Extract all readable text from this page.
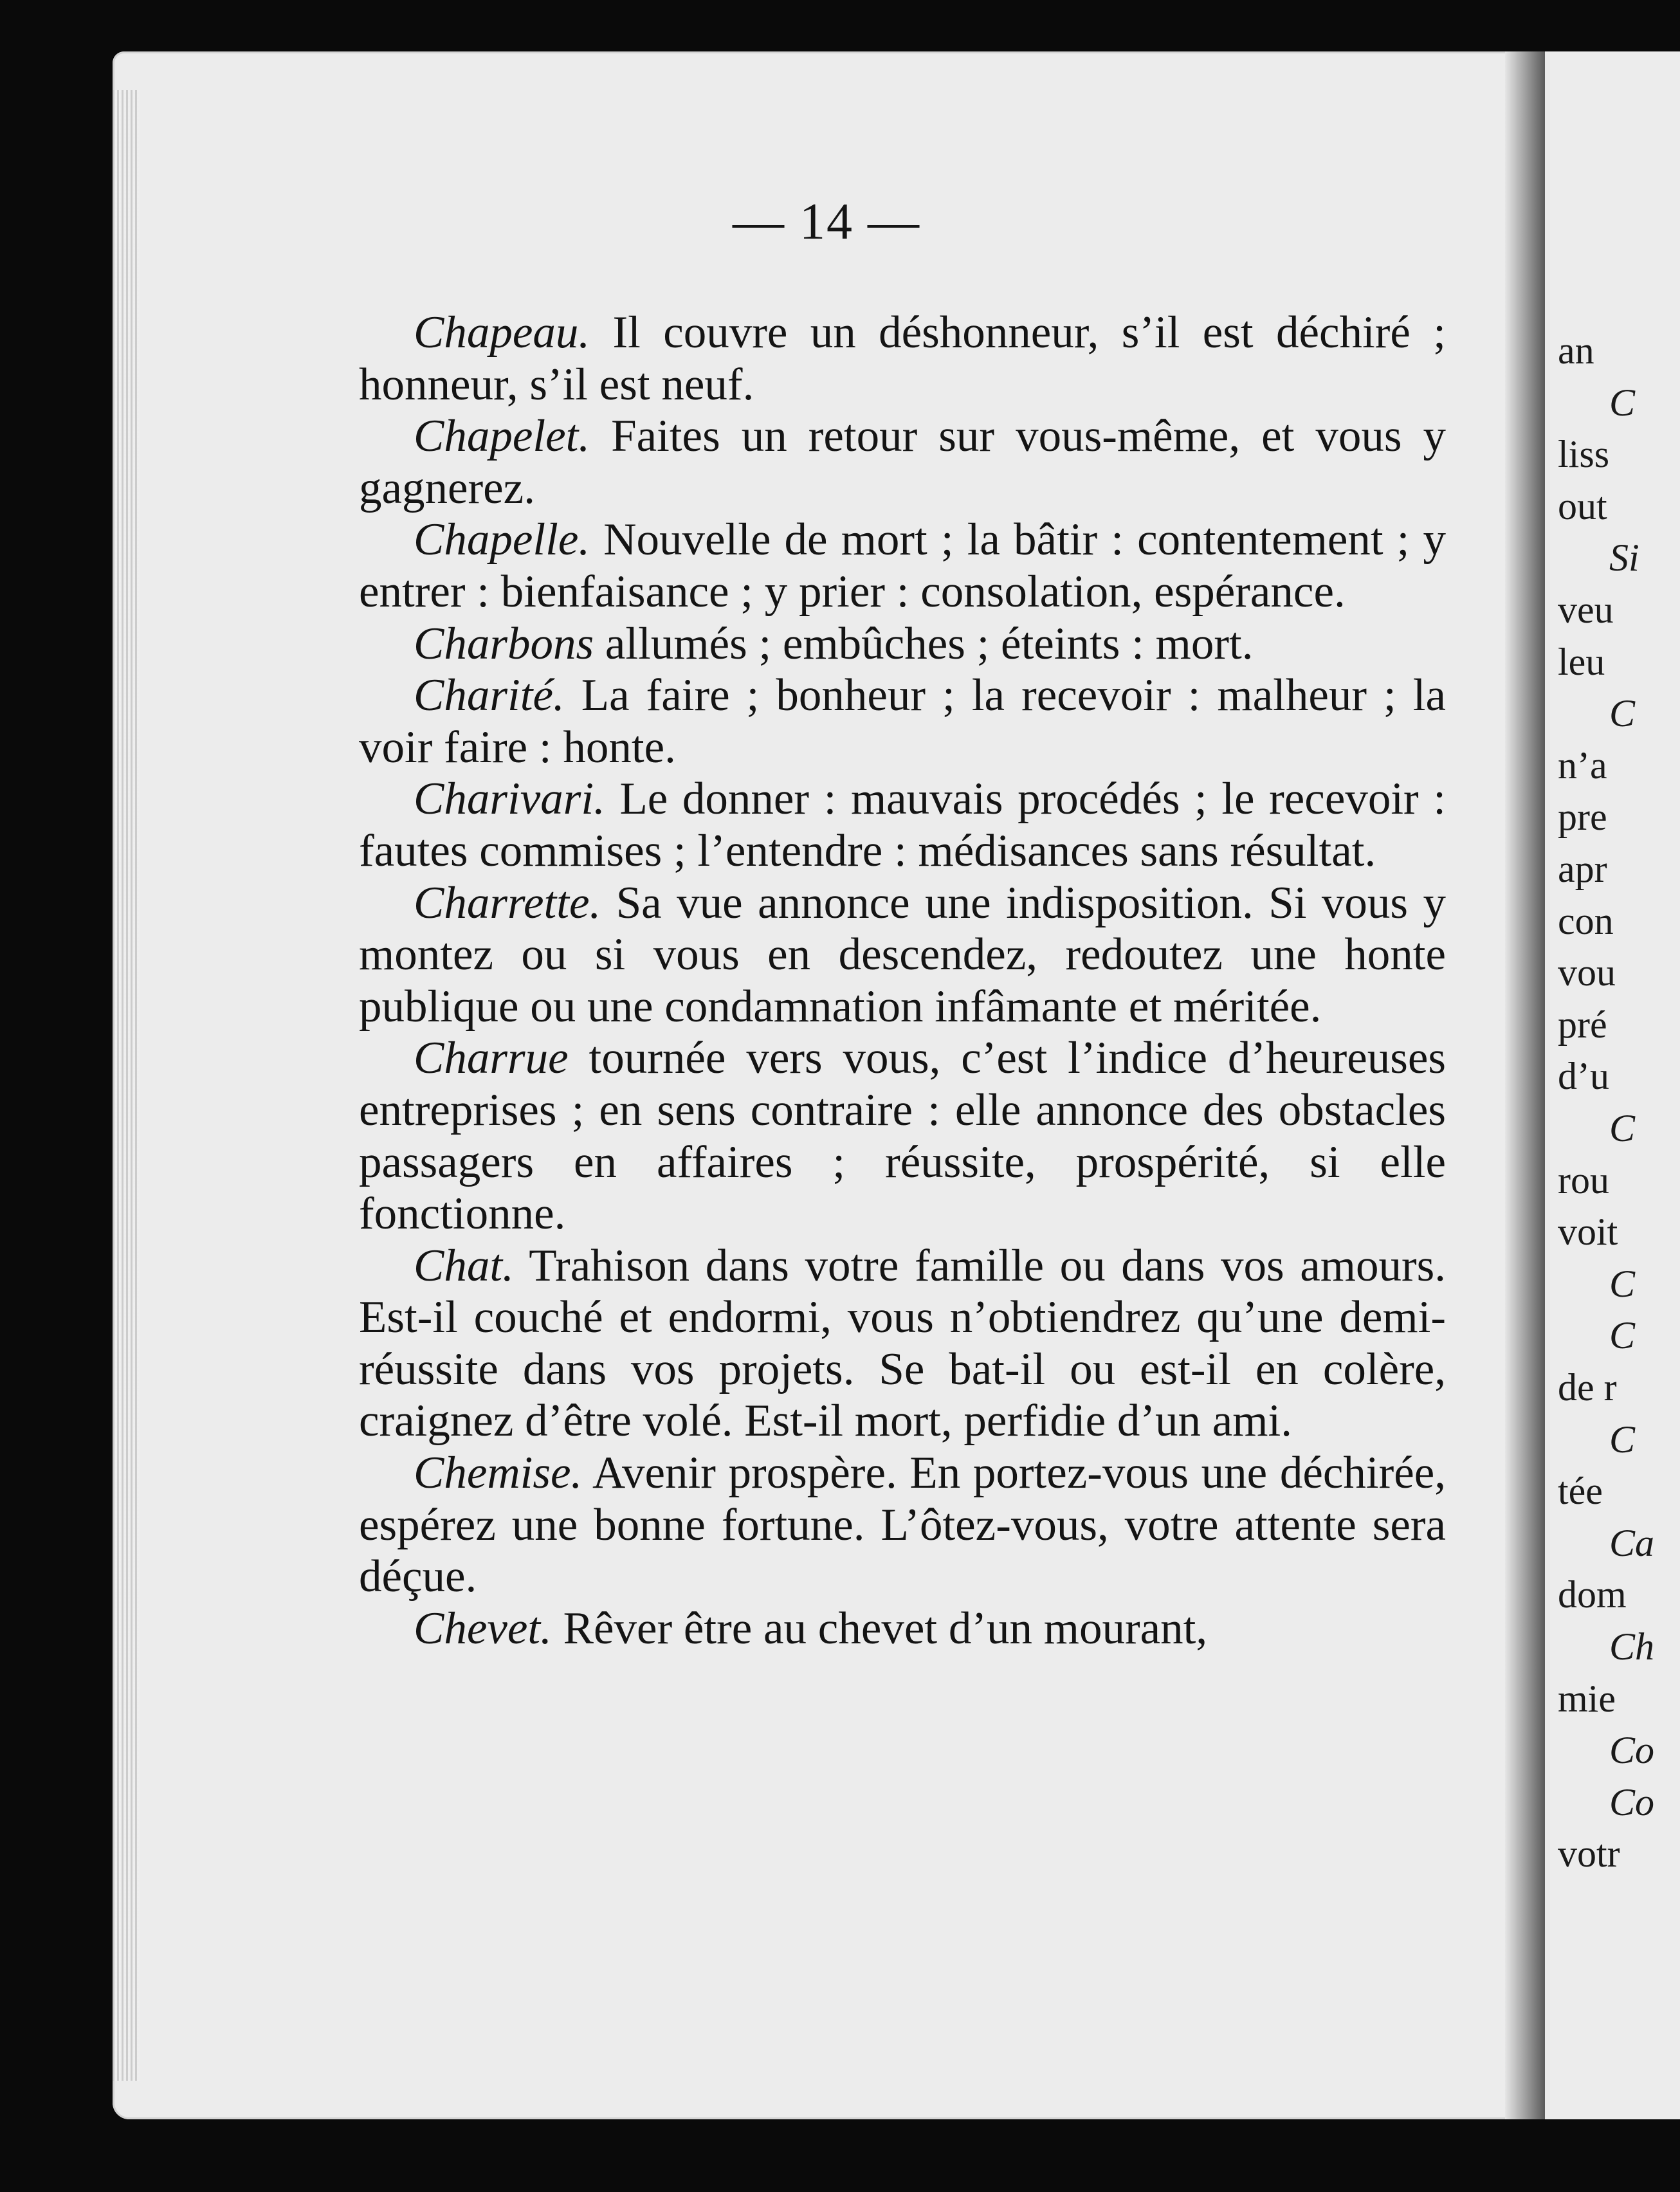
an
C
liss
out
Si
veu
leu
C
n’a
pre
apr
con
vou
pré
d’u
C
rou
voit
C
C
de r
C
tée
Ca
dom
Ch
mie
Co
Co
votr
— 14 —

Chapeau. Il couvre un déshonneur, s’il est déchiré ; honneur, s’il est neuf.

Chapelet. Faites un retour sur vous-même, et vous y gagnerez.

Chapelle. Nouvelle de mort ; la bâtir : contentement ; y entrer : bienfaisance ; y prier : consolation, espérance.

Charbons allumés ; embûches ; éteints : mort.

Charité. La faire ; bonheur ; la recevoir : malheur ; la voir faire : honte.

Charivari. Le donner : mauvais procédés ; le recevoir : fautes commises ; l’entendre : médisances sans résultat.

Charrette. Sa vue annonce une indisposition. Si vous y montez ou si vous en descendez, redoutez une honte publique ou une condamnation infâmante et méritée.

Charrue tournée vers vous, c’est l’indice d’heureuses entreprises ; en sens contraire : elle annonce des obstacles passagers en affaires ; réussite, prospérité, si elle fonctionne.

Chat. Trahison dans votre famille ou dans vos amours. Est-il couché et endormi, vous n’obtiendrez qu’une demi-réussite dans vos projets. Se bat-il ou est-il en colère, craignez d’être volé. Est-il mort, perfidie d’un ami.

Chemise. Avenir prospère. En portez-vous une déchirée, espérez une bonne fortune. L’ôtez-vous, votre attente sera déçue.

Chevet. Rêver être au chevet d’un mourant,
